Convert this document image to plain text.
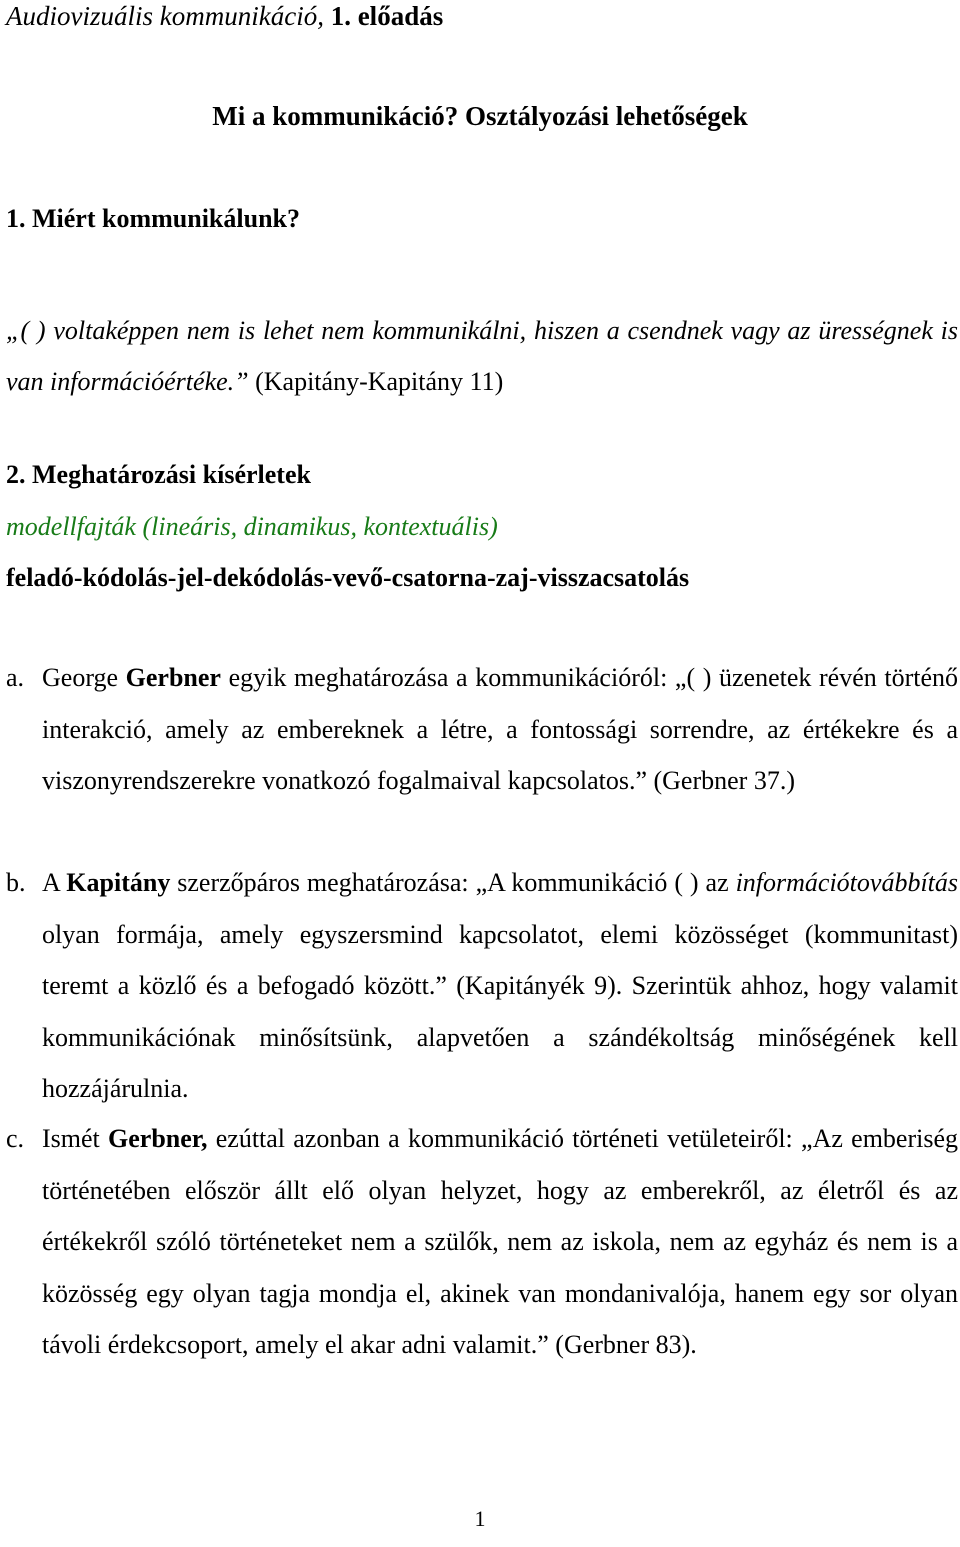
Audiovizuális kommunikáció, 1. előadás
Mi a kommunikáció? Osztályozási lehetőségek
1. Miért kommunikálunk?
„( ) voltaképpen nem is lehet nem kommunikálni, hiszen a csendnek vagy az ürességnek is van információértéke.” (Kapitány-Kapitány 11)
2. Meghatározási kísérletek
modellfajták (lineáris, dinamikus, kontextuális)
feladó-kódolás-jel-dekódolás-vevő-csatorna-zaj-visszacsatolás
a. George Gerbner egyik meghatározása a kommunikációról: „( ) üzenetek révén történő interakció, amely az embereknek a létre, a fontossági sorrendre, az értékekre és a viszonyrendszerekre vonatkozó fogalmaival kapcsolatos.” (Gerbner 37.)
b. A Kapitány szerzőpáros meghatározása: „A kommunikáció ( ) az információtovábbítás olyan formája, amely egyszersmind kapcsolatot, elemi közösséget (kommunitast) teremt a közlő és a befogadó között.” (Kapitányék 9). Szerintük ahhoz, hogy valamit kommunikációnak minősítsünk, alapvetően a szándékoltság minőségének kell hozzájárulnia.
c. Ismét Gerbner, ezúttal azonban a kommunikáció történeti vetületeiről: „Az emberiség történetében először állt elő olyan helyzet, hogy az emberekről, az életről és az értékekről szóló történeteket nem a szülők, nem az iskola, nem az egyház és nem is a közösség egy olyan tagja mondja el, akinek van mondanivalója, hanem egy sor olyan távoli érdekcsoport, amely el akar adni valamit.” (Gerbner 83).
1
